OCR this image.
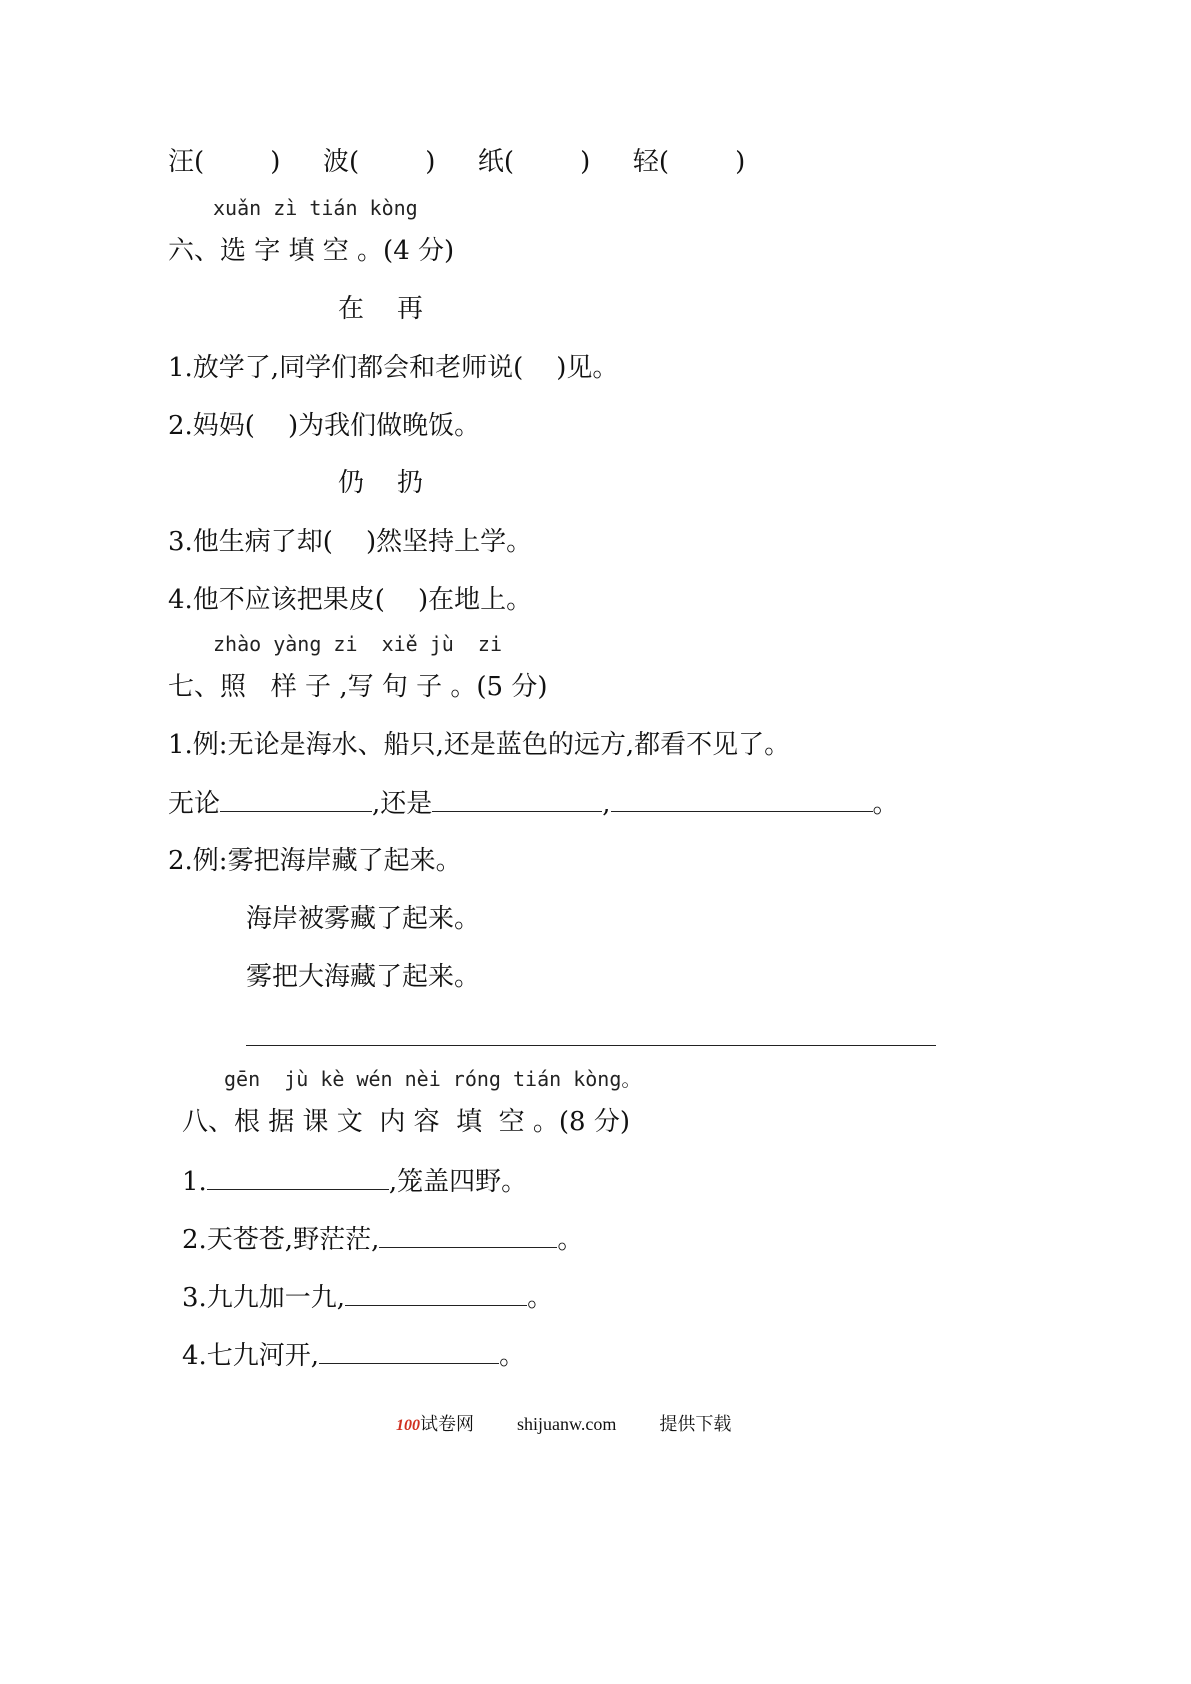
汪(        ) 波(        ) 纸(        ) 轻(        )
xuǎn zì tián kòng
六、选 字 填 空 。(4 分)
在    再
1.放学了,同学们都会和老师说(    )见。
2.妈妈(    )为我们做晚饭。
仍    扔
3.他生病了却(    )然坚持上学。
4.他不应该把果皮(    )在地上。
zhào yàng zi  xiě jù  zi
七、照   样 子 ,写 句 子 。(5 分)
1.例:无论是海水、船只,还是蓝色的远方,都看不见了。
无论	,还是	,	。
2.例:雾把海岸藏了起来。
海岸被雾藏了起来。
雾把大海藏了起来。
gēn  jù kè wén nèi róng tián kòng。
八、根 据 课 文  内 容  填  空 。(8 分)
1.	,笼盖四野。
2.天苍苍,野茫茫,	。
3.九九加一九,	。
4.七九河开,	。
100试卷网 shijuanw.com 提供下载
